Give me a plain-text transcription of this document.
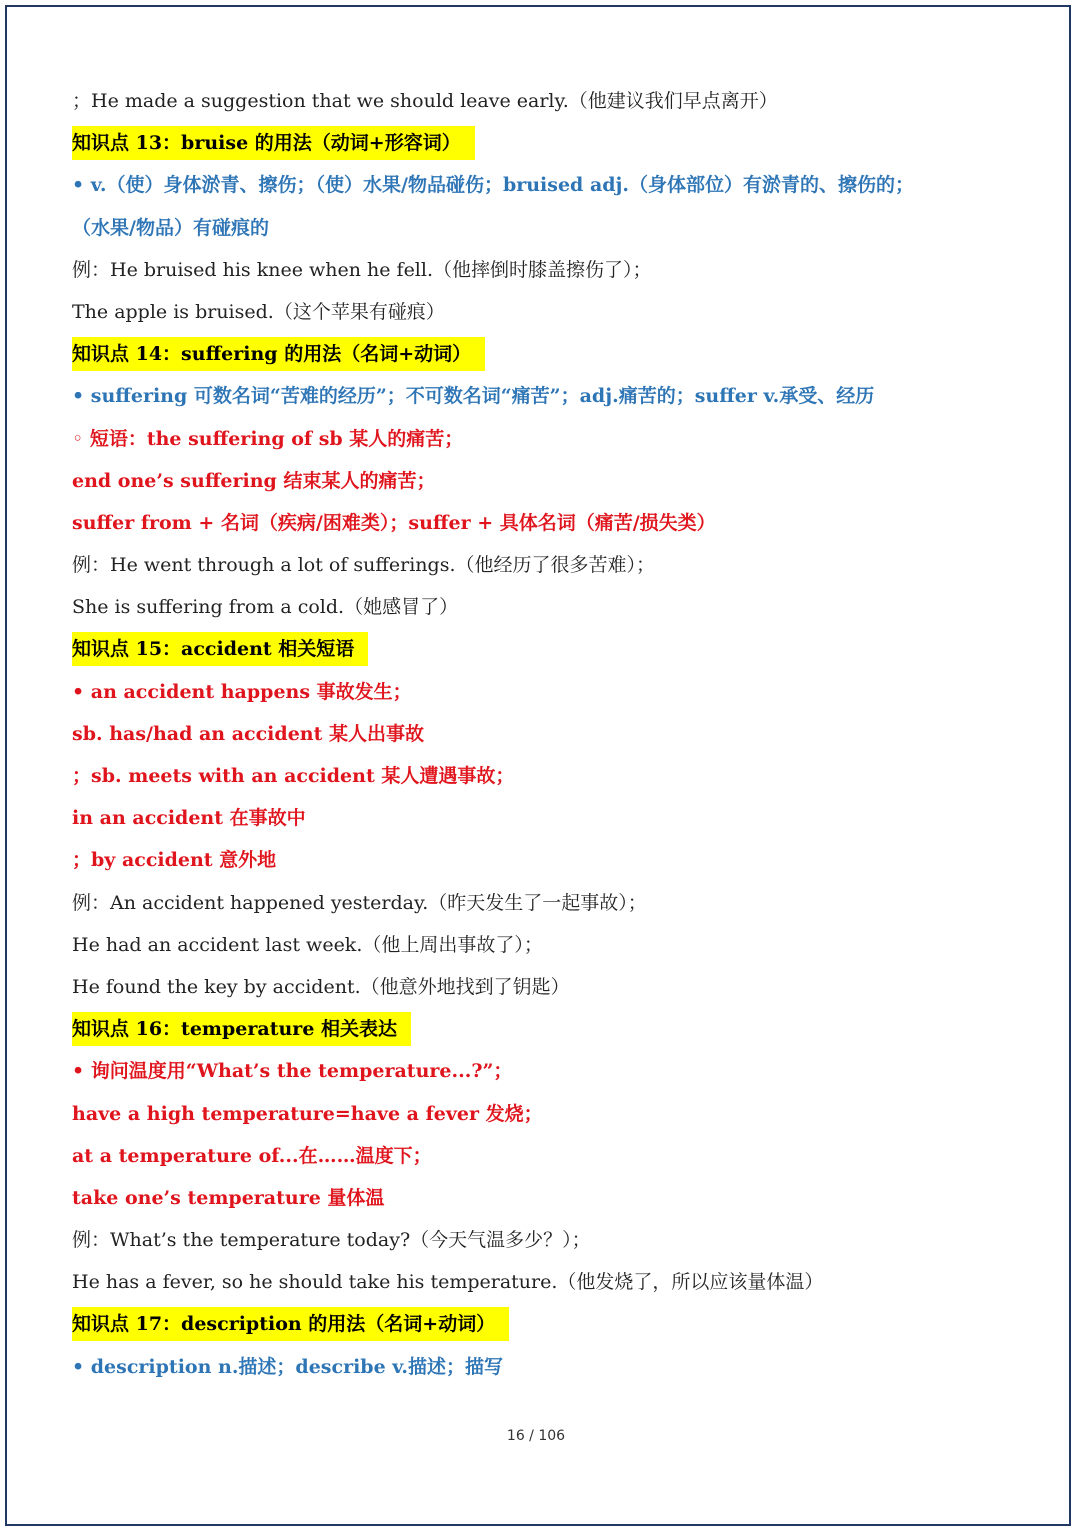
；He made a suggestion that we should leave early.（他建议我们早点离开）
知识点 13：bruise 的用法（动词+形容词）
• v.（使）身体淤青、擦伤；（使）水果/物品碰伤；bruised adj.（身体部位）有淤青的、擦伤的；
（水果/物品）有碰痕的
例：He bruised his knee when he fell.（他摔倒时膝盖擦伤了）；
The apple is bruised.（这个苹果有碰痕）
知识点 14：suffering 的用法（名词+动词）
• suffering 可数名词“苦难的经历”；不可数名词“痛苦”；adj.痛苦的；suffer v.承受、经历
◦ 短语：the suffering of sb 某人的痛苦；
end one’s suffering 结束某人的痛苦；
suffer from + 名词（疾病/困难类）；suffer + 具体名词（痛苦/损失类）
例：He went through a lot of sufferings.（他经历了很多苦难）；
She is suffering from a cold.（她感冒了）
知识点 15：accident 相关短语
• an accident happens 事故发生；
sb. has/had an accident 某人出事故
；sb. meets with an accident 某人遭遇事故；
in an accident 在事故中
；by accident 意外地
例：An accident happened yesterday.（昨天发生了一起事故）；
He had an accident last week.（他上周出事故了）；
He found the key by accident.（他意外地找到了钥匙）
知识点 16：temperature 相关表达
• 询问温度用“What’s the temperature...?”；
have a high temperature=have a fever 发烧；
at a temperature of...在……温度下；
take one’s temperature 量体温
例：What’s the temperature today?（今天气温多少？）；
He has a fever, so he should take his temperature.（他发烧了，所以应该量体温）
知识点 17：description 的用法（名词+动词）
• description n.描述；describe v.描述；描写
16 / 106
